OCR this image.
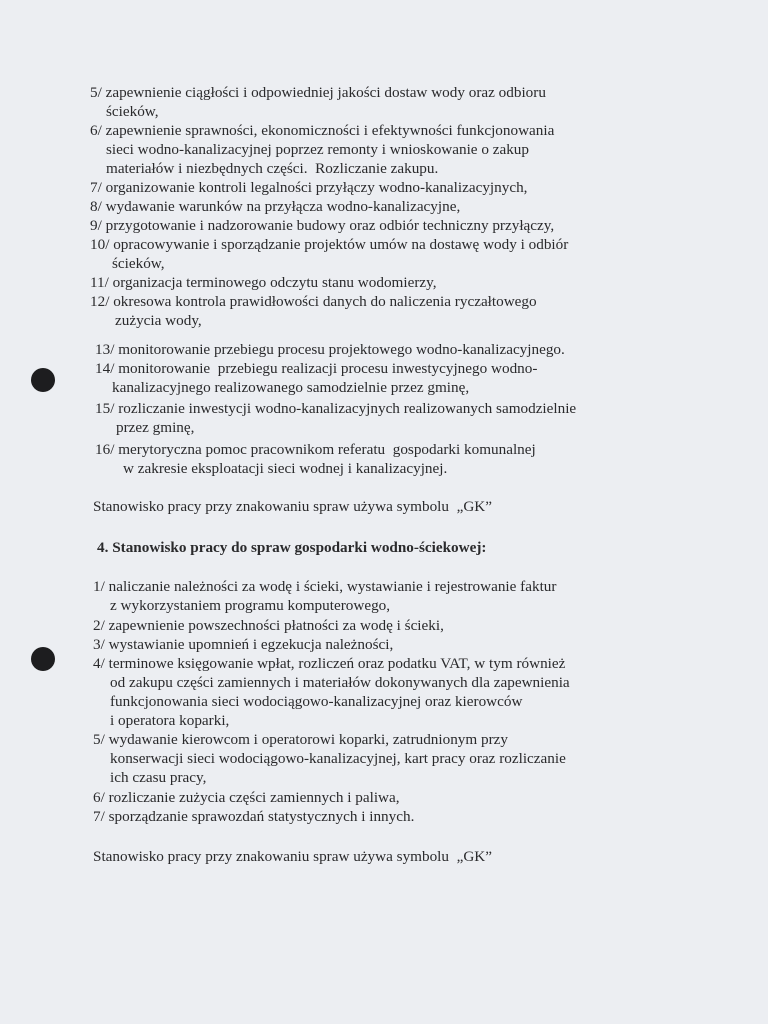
5/ zapewnienie ciągłości i odpowiedniej jakości dostaw wody oraz odbioru
ścieków,
6/ zapewnienie sprawności, ekonomiczności i efektywności funkcjonowania
sieci wodno-kanalizacyjnej poprzez remonty i wnioskowanie o zakup
materiałów i niezbędnych części.  Rozliczanie zakupu.
7/ organizowanie kontroli legalności przyłączy wodno-kanalizacyjnych,
8/ wydawanie warunków na przyłącza wodno-kanalizacyjne,
9/ przygotowanie i nadzorowanie budowy oraz odbiór techniczny przyłączy,
10/ opracowywanie i sporządzanie projektów umów na dostawę wody i odbiór
ścieków,
11/ organizacja terminowego odczytu stanu wodomierzy,
12/ okresowa kontrola prawidłowości danych do naliczenia ryczałtowego
zużycia wody,
13/ monitorowanie przebiegu procesu projektowego wodno-kanalizacyjnego.
14/ monitorowanie  przebiegu realizacji procesu inwestycyjnego wodno-
kanalizacyjnego realizowanego samodzielnie przez gminę,
15/ rozliczanie inwestycji wodno-kanalizacyjnych realizowanych samodzielnie
przez gminę,
16/ merytoryczna pomoc pracownikom referatu  gospodarki komunalnej
w zakresie eksploatacji sieci wodnej i kanalizacyjnej.
Stanowisko pracy przy znakowaniu spraw używa symbolu  „GK”
4. Stanowisko pracy do spraw gospodarki wodno-ściekowej:
1/ naliczanie należności za wodę i ścieki, wystawianie i rejestrowanie faktur
z wykorzystaniem programu komputerowego,
2/ zapewnienie powszechności płatności za wodę i ścieki,
3/ wystawianie upomnień i egzekucja należności,
4/ terminowe księgowanie wpłat, rozliczeń oraz podatku VAT, w tym również
od zakupu części zamiennych i materiałów dokonywanych dla zapewnienia
funkcjonowania sieci wodociągowo-kanalizacyjnej oraz kierowców
i operatora koparki,
5/ wydawanie kierowcom i operatorowi koparki, zatrudnionym przy
konserwacji sieci wodociągowo-kanalizacyjnej, kart pracy oraz rozliczanie
ich czasu pracy,
6/ rozliczanie zużycia części zamiennych i paliwa,
7/ sporządzanie sprawozdań statystycznych i innych.
Stanowisko pracy przy znakowaniu spraw używa symbolu  „GK”
